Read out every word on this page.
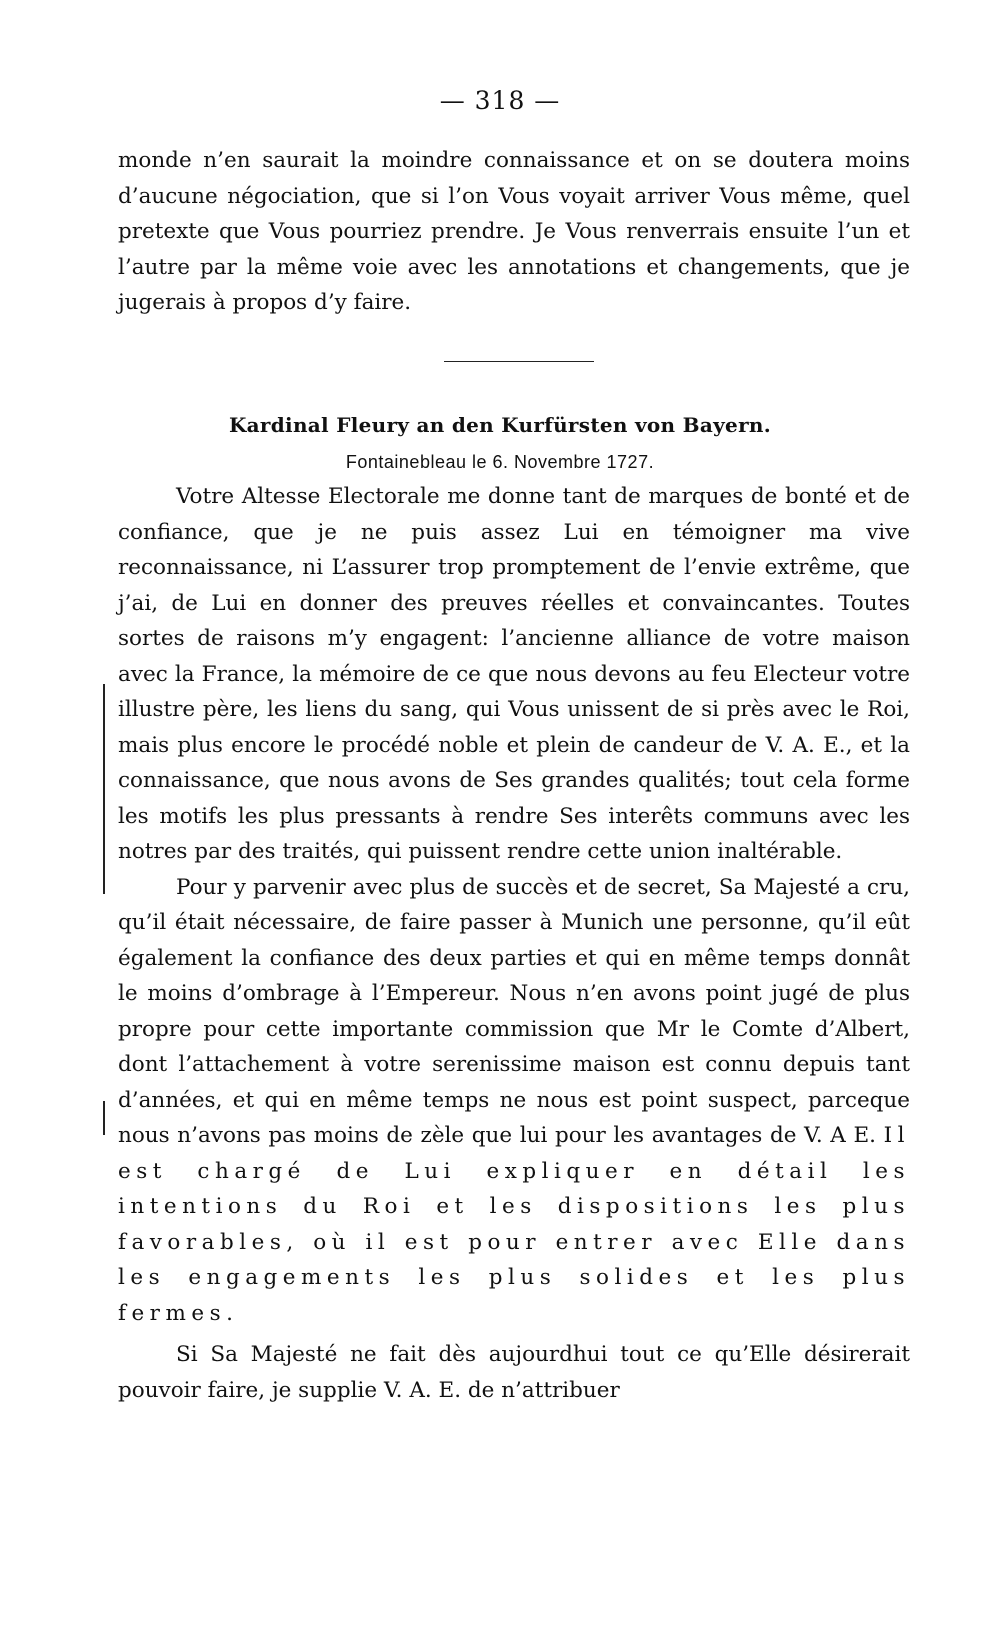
— 318 —

monde n’en saurait la moindre connaissance et on se doutera moins d’aucune négociation, que si l’on Vous voyait arriver Vous même, quel pretexte que Vous pourriez prendre. Je Vous renverrais ensuite l’un et l’autre par la même voie avec les annotations et changements, que je jugerais à propos d’y faire.

Kardinal Fleury an den Kurfürsten von Bayern.
Fontainebleau le 6. Novembre 1727.

Votre Altesse Electorale me donne tant de marques de bonté et de confiance, que je ne puis assez Lui en témoigner ma vive reconnaissance, ni L’assurer trop promptement de l’envie extrême, que j’ai, de Lui en donner des preuves réelles et convaincantes. Toutes sortes de raisons m’y engagent: l’ancienne alliance de votre maison avec la France, la mémoire de ce que nous devons au feu Electeur votre illustre père, les liens du sang, qui Vous unissent de si près avec le Roi, mais plus encore le procédé noble et plein de candeur de V. A. E., et la connaissance, que nous avons de Ses grandes qualités; tout cela forme les motifs les plus pressants à rendre Ses interêts communs avec les notres par des traités, qui puissent rendre cette union inaltérable.

Pour y parvenir avec plus de succès et de secret, Sa Majesté a cru, qu’il était nécessaire, de faire passer à Munich une personne, qu’il eût également la confiance des deux parties et qui en même temps donnât le moins d’ombrage à l’Empereur. Nous n’en avons point jugé de plus propre pour cette importante commission que Mr le Comte d’Albert, dont l’attachement à votre serenissime maison est connu depuis tant d’années, et qui en même temps ne nous est point suspect, parceque nous n’avons pas moins de zèle que lui pour les avantages de V. A E. Il est chargé de Lui expliquer en détail les intentions du Roi et les dispositions les plus favorables, où il est pour entrer avec Elle dans les engagements les plus solides et les plus fermes.

Si Sa Majesté ne fait dès aujourdhui tout ce qu’Elle désirerait pouvoir faire, je supplie V. A. E. de n’attribuer
